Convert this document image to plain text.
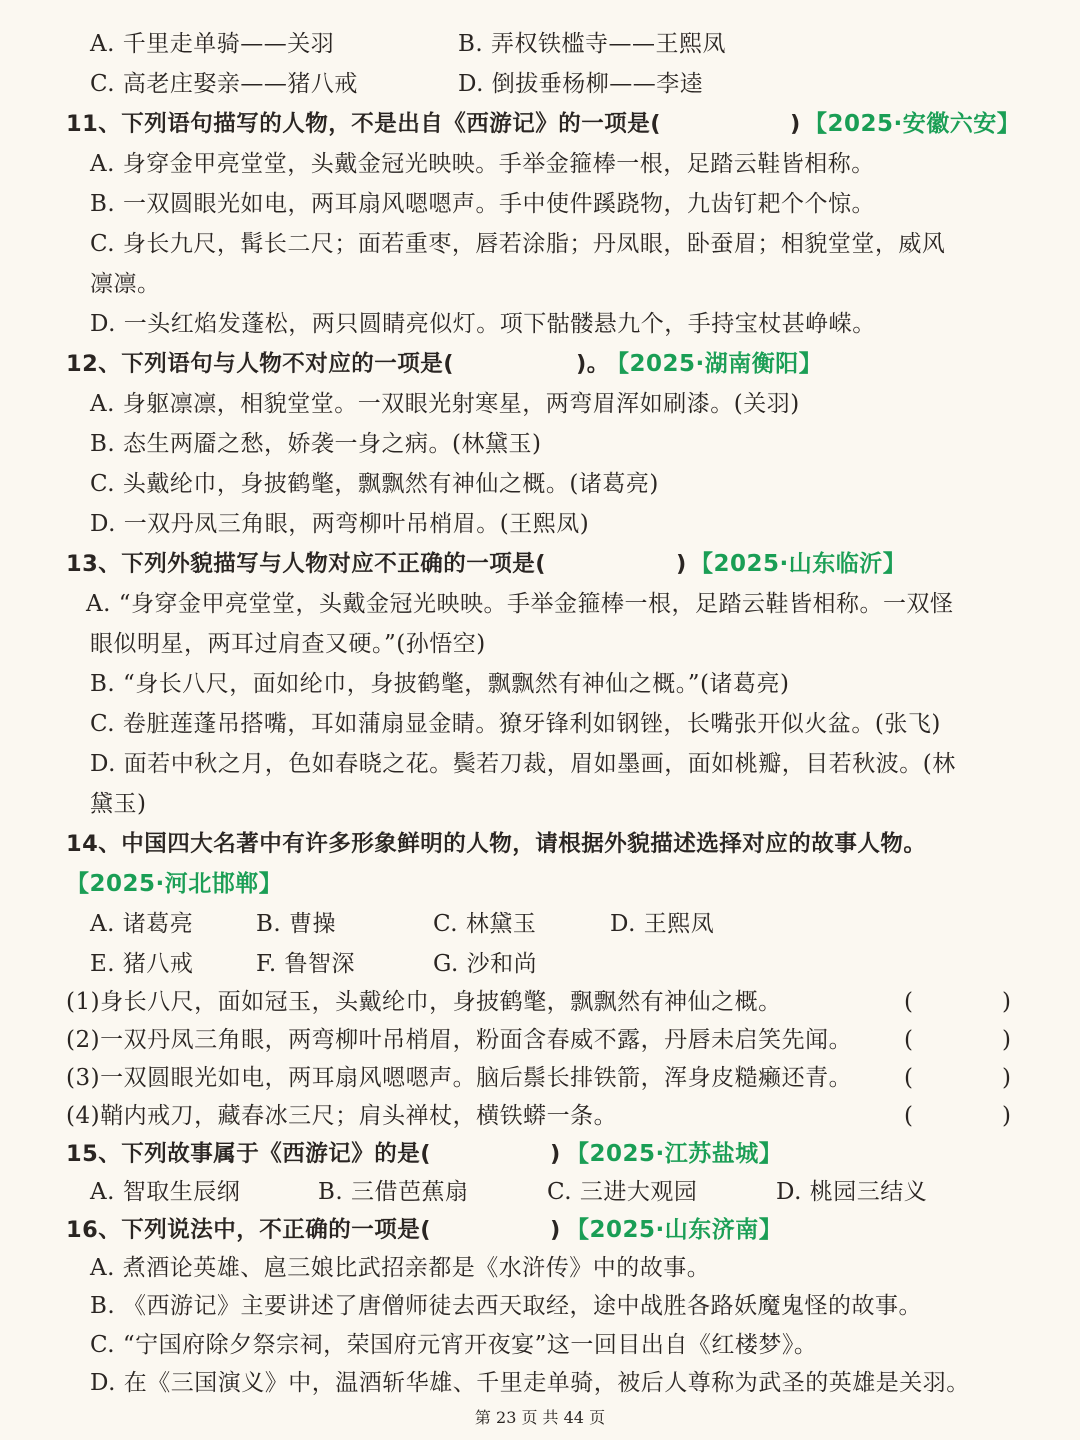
A. 千里走单骑——关羽	B. 弄权铁槛寺——王熙凤
C. 高老庄娶亲——猪八戒	D. 倒拔垂杨柳——李逵
11、下列语句描写的人物，不是出自《西游记》的一项是(	) 【2025·安徽六安】
A. 身穿金甲亮堂堂，头戴金冠光映映。手举金箍棒一根，足踏云鞋皆相称。
B. 一双圆眼光如电，两耳扇风嗯嗯声。手中使件蹊跷物，九齿钉耙个个惊。
C. 身长九尺，髯长二尺；面若重枣，唇若涂脂；丹凤眼，卧蚕眉；相貌堂堂，威风
凛凛。
D. 一头红焰发蓬松，两只圆睛亮似灯。项下骷髅悬九个，手持宝杖甚峥嵘。
12、下列语句与人物不对应的一项是(	)。
【2025·湖南衡阳】
A. 身躯凛凛，相貌堂堂。一双眼光射寒星，两弯眉浑如刷漆。(关羽)
B. 态生两靥之愁，娇袭一身之病。(林黛玉)
C. 头戴纶巾，身披鹤氅，飘飘然有神仙之概。(诸葛亮)
D. 一双丹凤三角眼，两弯柳叶吊梢眉。(王熙凤)
13、下列外貌描写与人物对应不正确的一项是(	) 【2025·山东临沂】
A. “身穿金甲亮堂堂，头戴金冠光映映。手举金箍棒一根，足踏云鞋皆相称。一双怪
眼似明星，两耳过肩查又硬。”(孙悟空)
B. “身长八尺，面如纶巾，身披鹤氅，飘飘然有神仙之概。”(诸葛亮)
C. 卷脏莲蓬吊搭嘴，耳如蒲扇显金睛。獠牙锋利如钢锉，长嘴张开似火盆。(张飞)
D. 面若中秋之月，色如春晓之花。鬓若刀裁，眉如墨画，面如桃瓣，目若秋波。(林
黛玉)
14、中国四大名著中有许多形象鲜明的人物，请根据外貌描述选择对应的故事人物。
【2025·河北邯郸】
A. 诸葛亮	B. 曹操	C. 林黛玉	D. 王熙凤
E. 猪八戒	F. 鲁智深	G. 沙和尚
(1)身长八尺，面如冠玉，头戴纶巾，身披鹤氅，飘飘然有神仙之概。	(	)
(2)一双丹凤三角眼，两弯柳叶吊梢眉，粉面含春威不露，丹唇未启笑先闻。 (	)
(3)一双圆眼光如电，两耳扇风嗯嗯声。脑后鬃长排铁箭，浑身皮糙癞还青。 (	)
(4)鞘内戒刀，藏春冰三尺；肩头禅杖，横铁蟒一条。	(	)
15、下列故事属于《西游记》的是(	) 【2025·江苏盐城】
A. 智取生辰纲	B. 三借芭蕉扇	C. 三进大观园	D. 桃园三结义
16、下列说法中，不正确的一项是(	) 【2025·山东济南】
A. 煮酒论英雄、扈三娘比武招亲都是《水浒传》中的故事。
B. 《西游记》主要讲述了唐僧师徒去西天取经，途中战胜各路妖魔鬼怪的故事。
C. “宁国府除夕祭宗祠，荣国府元宵开夜宴”这一回目出自《红楼梦》。
D. 在《三国演义》中，温酒斩华雄、千里走单骑，被后人尊称为武圣的英雄是关羽。
第 23 页 共 44 页
